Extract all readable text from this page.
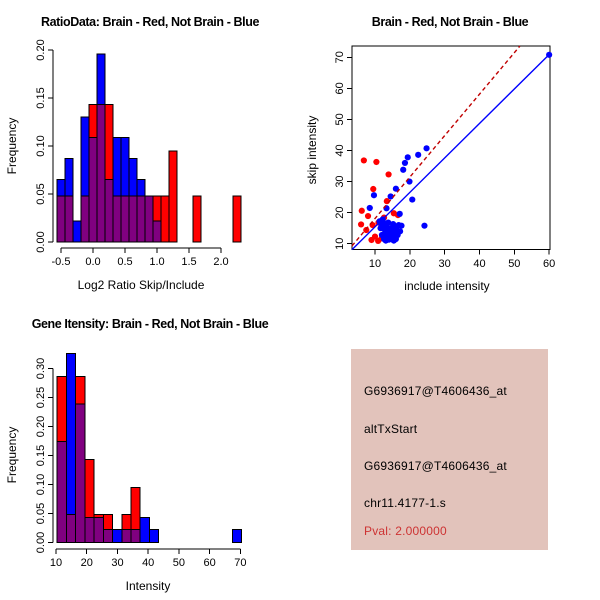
0.00
0.05
0.10
0.15
0.20
-0.5 0.0 0.5 1.0 1.5 2.0
RatioData: Brain - Red, Not Brain - Blue
Log2 Ratio Skip/Include
Frequency
10 20 30 40 50 60
10
20
30
40
50
60
70
Brain - Red, Not Brain - Blue
include intensity
skip intensity
0.00
0.05
0.10
0.15
0.20
0.25
0.30
10 20 30 40 50 60 70
Gene Itensity: Brain - Red, Not Brain - Blue
Intensity
Frequency
G6936917@T4606436_at
altTxStart
G6936917@T4606436_at
chr11.4177-1.s
Pval: 2.000000
